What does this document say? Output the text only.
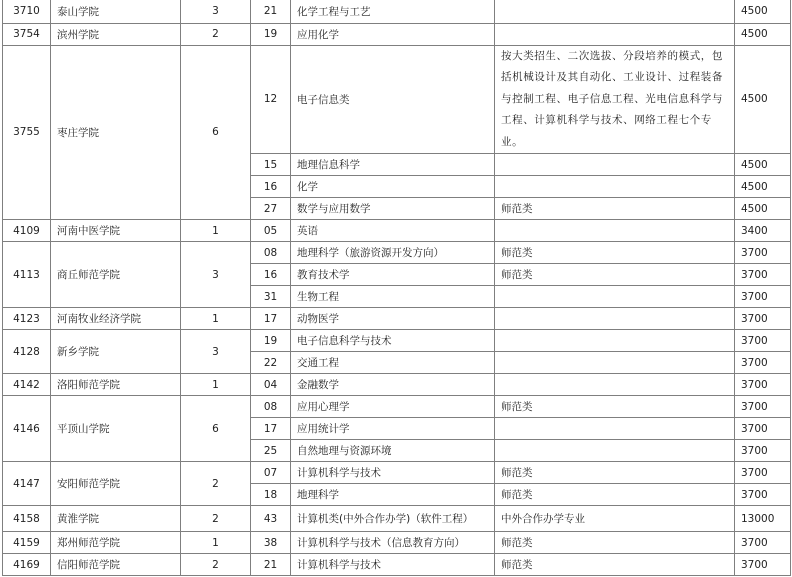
3710	泰山学院	3	21	化学工程与工艺		4500
3754	滨州学院	2	19	应用化学		4500
3755	枣庄学院	6	12	电子信息类	按大类招生、二次选拔、分段培养的模式，包括机械设计及其自动化、工业设计、过程装备与控制工程、电子信息工程、光电信息科学与工程、计算机科学与技术、网络工程七个专业。	4500
			15	地理信息科学		4500
			16	化学		4500
			27	数学与应用数学	师范类	4500
4109	河南中医学院	1	05	英语		3400
4113	商丘师范学院	3	08	地理科学（旅游资源开发方向）	师范类	3700
			16	教育技术学	师范类	3700
			31	生物工程		3700
4123	河南牧业经济学院	1	17	动物医学		3700
4128	新乡学院	3	19	电子信息科学与技术		3700
			22	交通工程		3700
4142	洛阳师范学院	1	04	金融数学		3700
4146	平顶山学院	6	08	应用心理学	师范类	3700
			17	应用统计学		3700
			25	自然地理与资源环境		3700
4147	安阳师范学院	2	07	计算机科学与技术	师范类	3700
			18	地理科学	师范类	3700
4158	黄淮学院	2	43	计算机类(中外合作办学)（软件工程）	中外合作办学专业	13000
4159	郑州师范学院	1	38	计算机科学与技术（信息教育方向）	师范类	3700
4169	信阳师范学院	2	21	计算机科学与技术	师范类	3700
